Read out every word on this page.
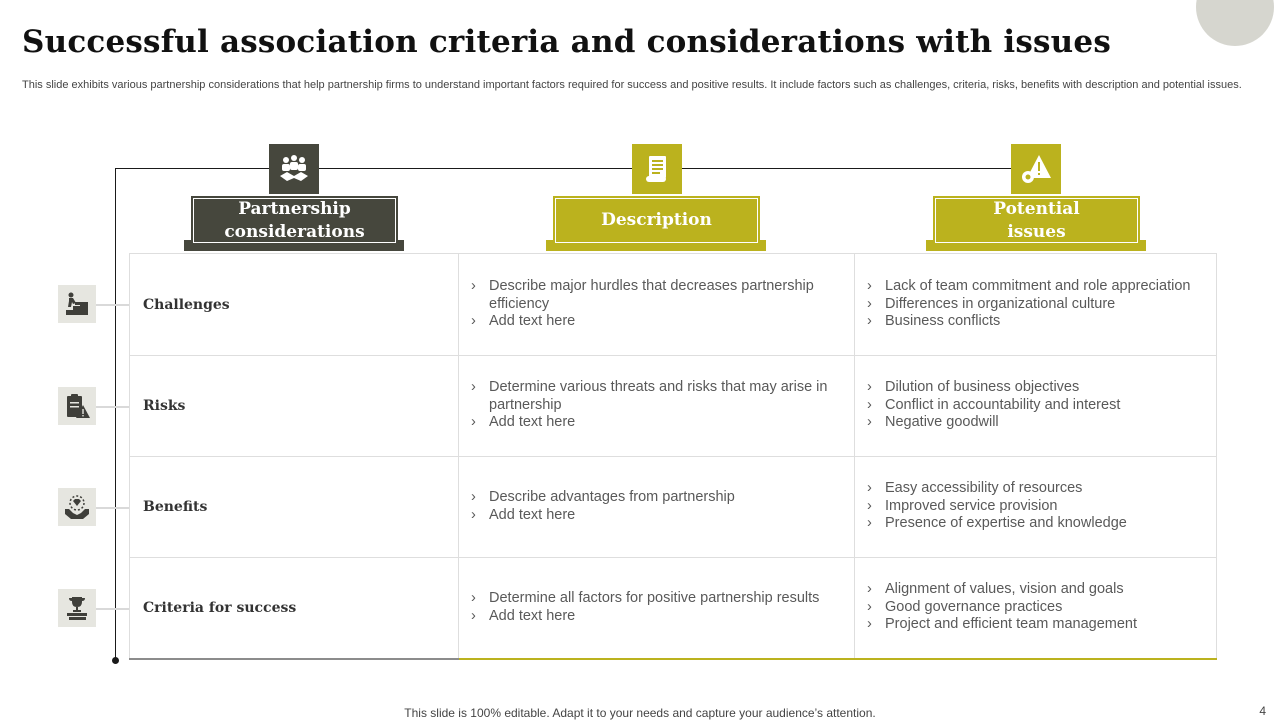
Successful association criteria and considerations with issues

This slide exhibits various partnership considerations that help partnership firms to understand important factors required for success and positive results. It include factors such as challenges, criteria, risks, benefits with description and potential issues.

Partnership considerations
Description
Potential issues
Challenges
› Describe major hurdles that decreases partnership efficiency
› Add text here
› Lack of team commitment and role appreciation
› Differences in organizational culture
› Business conflicts
Risks
› Determine various threats and risks that may arise in partnership
› Add text here
› Dilution of business objectives
› Conflict in accountability and interest
› Negative goodwill
Benefits
› Describe advantages from partnership
› Add text here
› Easy accessibility of resources
› Improved service provision
› Presence of expertise and knowledge
Criteria for success
› Determine all factors for positive partnership results
› Add text here
› Alignment of values, vision and goals
› Good governance practices
› Project and efficient team management
This slide is 100% editable. Adapt it to your needs and capture your audience’s attention.	4
